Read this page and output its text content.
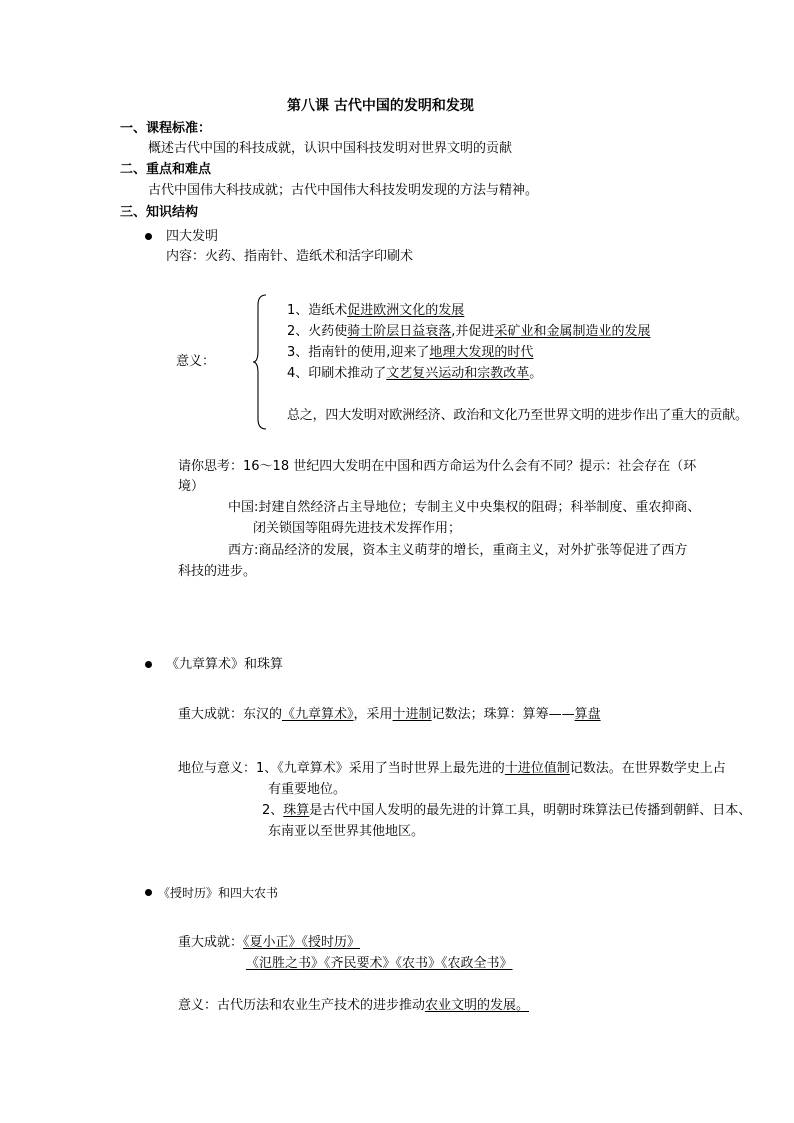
第八课 古代中国的发明和发现
一、课程标准：
概述古代中国的科技成就，认识中国科技发明对世界文明的贡献
二、重点和难点
古代中国伟大科技成就；古代中国伟大科技发明发现的方法与精神。
三、知识结构
四大发明
内容：火药、指南针、造纸术和活字印刷术
意义：
1、造纸术促进欧洲文化的发展
2、火药使骑士阶层日益衰落,并促进采矿业和金属制造业的发展
3、指南针的使用,迎来了地理大发现的时代
4、印刷术推动了文艺复兴运动和宗教改革。
总之，四大发明对欧洲经济、政治和文化乃至世界文明的进步作出了重大的贡献。
请你思考：16～18 世纪四大发明在中国和西方命运为什么会有不同？提示：社会存在（环
境）
中国:封建自然经济占主导地位；专制主义中央集权的阻碍；科举制度、重农抑商、
闭关锁国等阻碍先进技术发挥作用；
西方:商品经济的发展，资本主义萌芽的增长，重商主义，对外扩张等促进了西方
科技的进步。
《九章算术》和珠算
重大成就：东汉的《九章算术》，采用十进制记数法；珠算：算筹——算盘
地位与意义：1、《九章算术》采用了当时世界上最先进的十进位值制记数法。在世界数学史上占
有重要地位。
2、珠算是古代中国人发明的最先进的计算工具，明朝时珠算法已传播到朝鲜、日本、
东南亚以至世界其他地区。
《授时历》和四大农书
重大成就：《夏小正》《授时历》
《氾胜之书》《齐民要术》《农书》《农政全书》
意义：古代历法和农业生产技术的进步推动农业文明的发展。
